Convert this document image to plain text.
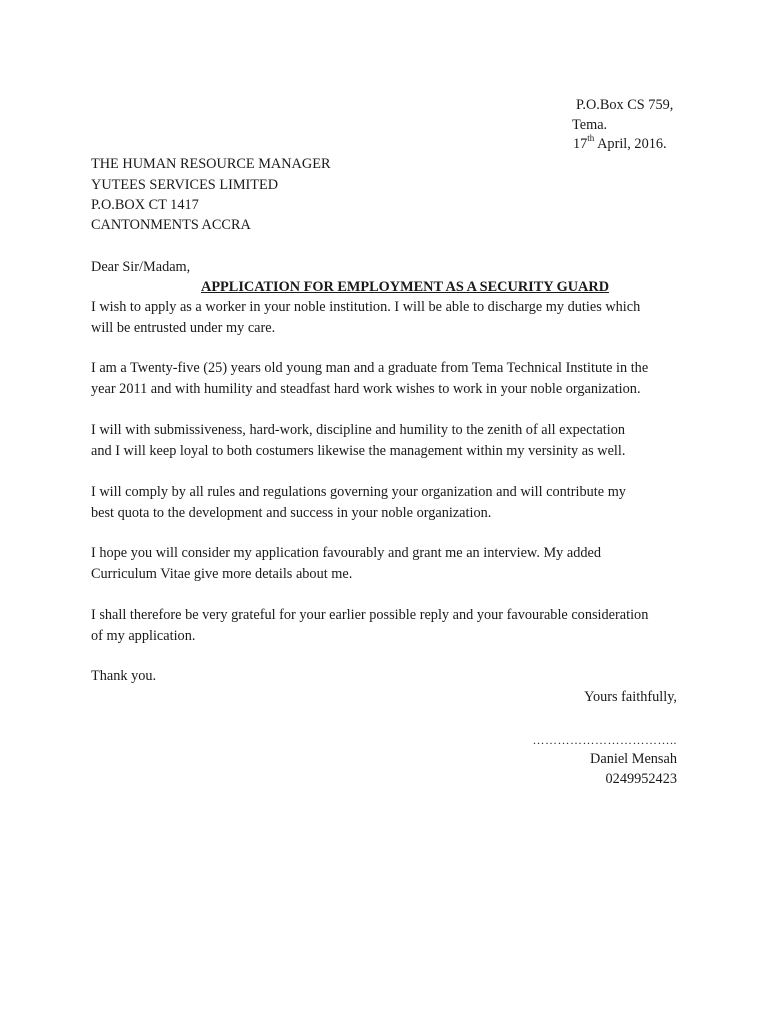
P.O.Box CS 759,
Tema.
17th April, 2016.
THE HUMAN RESOURCE MANAGER
YUTEES SERVICES LIMITED
P.O.BOX CT 1417
CANTONMENTS ACCRA
Dear Sir/Madam,
APPLICATION FOR EMPLOYMENT AS A SECURITY GUARD
I wish to apply as a worker in your noble institution. I will be able to discharge my duties which
will be entrusted under my care.
I am a Twenty-five (25) years old young man and a graduate from Tema Technical Institute in the
year 2011 and with humility and steadfast hard work wishes to work in your noble organization.
I will with submissiveness, hard-work, discipline and humility to the zenith of all expectation
and I will keep loyal to both costumers likewise the management within my versinity as well.
I will comply by all rules and regulations governing your organization and will contribute my
best quota to the development and success in your noble organization.
I hope you will consider my application favourably and grant me an interview. My added
Curriculum Vitae give more details about me.
I shall therefore be very grateful for your earlier possible reply and your favourable consideration
of my application.
Thank you.
Yours faithfully,
……………………………..
Daniel Mensah
0249952423
